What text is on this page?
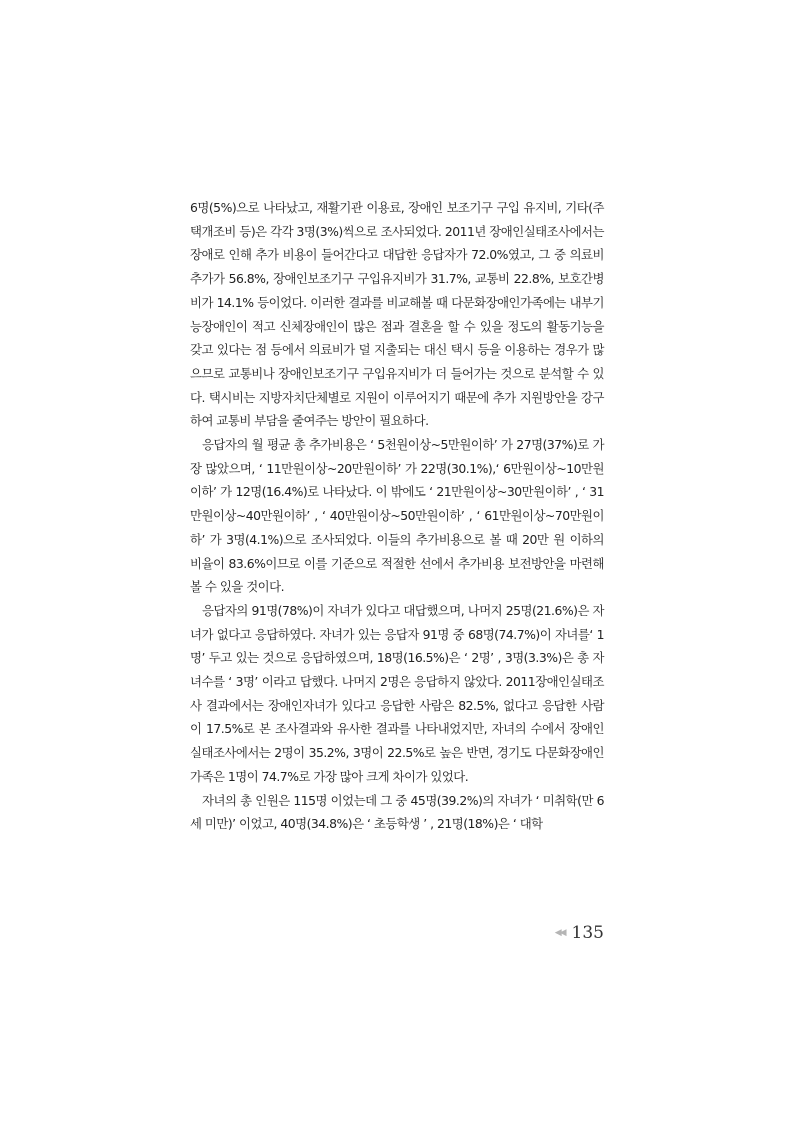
6명(5%)으로 나타났고, 재활기관 이용료, 장애인 보조기구 구입 유지비, 기타(주택개조비 등)은 각각 3명(3%)씩으로 조사되었다. 2011년 장애인실태조사에서는 장애로 인해 추가 비용이 들어간다고 대답한 응답자가 72.0%였고, 그 중 의료비 추가가 56.8%, 장애인보조기구 구입유지비가 31.7%, 교통비 22.8%, 보호간병비가 14.1% 등이었다. 이러한 결과를 비교해볼 때 다문화장애인가족에는 내부기능장애인이 적고 신체장애인이 많은 점과 결혼을 할 수 있을 정도의 활동기능을 갖고 있다는 점 등에서 의료비가 덜 지출되는 대신 택시 등을 이용하는 경우가 많으므로 교통비나 장애인보조기구 구입유지비가 더 들어가는 것으로 분석할 수 있다. 택시비는 지방자치단체별로 지원이 이루어지기 때문에 추가 지원방안을 강구하여 교통비 부담을 줄여주는 방안이 필요하다.

응답자의 월 평균 총 추가비용은 ‘ 5천원이상~5만원이하’ 가 27명(37%)로 가장 많았으며, ‘ 11만원이상~20만원이하’ 가 22명(30.1%),‘ 6만원이상~10만원이하’ 가 12명(16.4%)로 나타났다. 이 밖에도 ‘ 21만원이상~30만원이하’ , ‘ 31만원이상~40만원이하’ , ‘ 40만원이상~50만원이하’ , ‘ 61만원이상~70만원이하’ 가 3명(4.1%)으로 조사되었다. 이들의 추가비용으로 볼 때 20만 원 이하의 비율이 83.6%이므로 이를 기준으로 적절한 선에서 추가비용 보전방안을 마련해 볼 수 있을 것이다.

응답자의 91명(78%)이 자녀가 있다고 대답했으며, 나머지 25명(21.6%)은 자녀가 없다고 응답하였다. 자녀가 있는 응답자 91명 중 68명(74.7%)이 자녀를‘ 1명’ 두고 있는 것으로 응답하였으며, 18명(16.5%)은 ‘ 2명’ , 3명(3.3%)은 총 자녀수를 ‘ 3명’ 이라고 답했다. 나머지 2명은 응답하지 않았다. 2011장애인실태조사 결과에서는 장애인자녀가 있다고 응답한 사람은 82.5%, 없다고 응답한 사람이 17.5%로 본 조사결과와 유사한 결과를 나타내었지만, 자녀의 수에서 장애인실태조사에서는 2명이 35.2%, 3명이 22.5%로 높은 반면, 경기도 다문화장애인가족은 1명이 74.7%로 가장 많아 크게 차이가 있었다.

자녀의 총 인원은 115명 이었는데 그 중 45명(39.2%)의 자녀가 ‘ 미취학(만 6세 미만)’ 이었고, 40명(34.8%)은 ‘ 초등학생 ’ , 21명(18%)은 ‘ 대학

◀◀ 135
